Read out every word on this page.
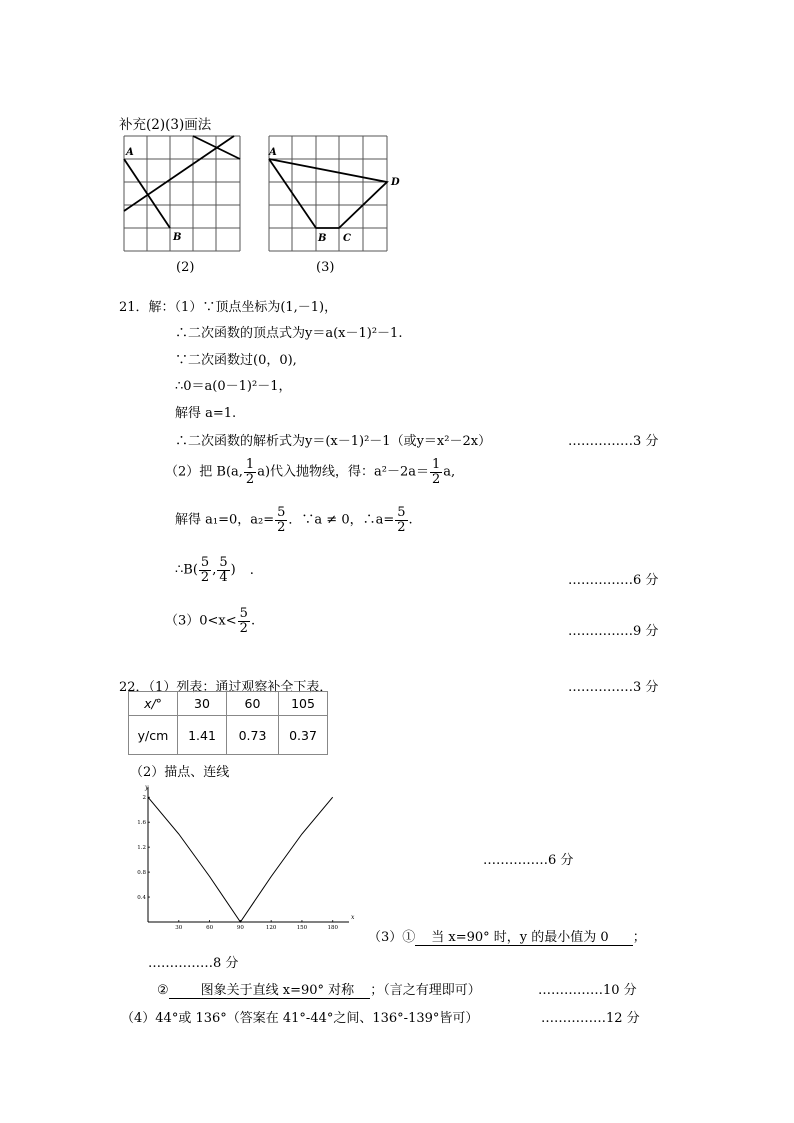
补充(2)(3)画法
A
B
A
B C
D
(2)	(3)
21．解：（1）∵顶点坐标为(1,－1)，
∴二次函数的顶点式为y＝a(x－1)²－1.
∵二次函数过(0，0),
∴0＝a(0－1)²－1，
解得 a=1.
∴二次函数的解析式为y＝(x－1)²－1（或y＝x²－2x）	……………3 分
（2）把 B(a, $\frac{1}{2} a$)代入抛物线，得：$a^2-2a= \frac{1}{2} a$,
解得 a₁=0，$a_2= \frac{5}{2}$ ．∵a ≠ 0，∴a= $\frac{5}{2}$ .
∴B( $\frac{5}{2}$ , $\frac{5}{4}$ ) .
……………6 分
$(3)0<x< \frac{5}{2}$ .
……………9 分
22．（1）列表：通过观察补全下表．	……………3 分
x/°	30	60	105
y/cm	1.41	0.73	0.37
（2）描点、连线
x
y
30	60	90	120	150	180
0.4
0.8
1.2
1.6
2
……………6 分
（3）① 当 x=90° 时，y 的最小值为 0 ；
……………8 分
② 图象关于直线 x=90° 对称 ；（言之有理即可）	……………10 分
（4）44°或 136°（答案在 41°-44°之间、136°-139°皆可）	……………12 分
